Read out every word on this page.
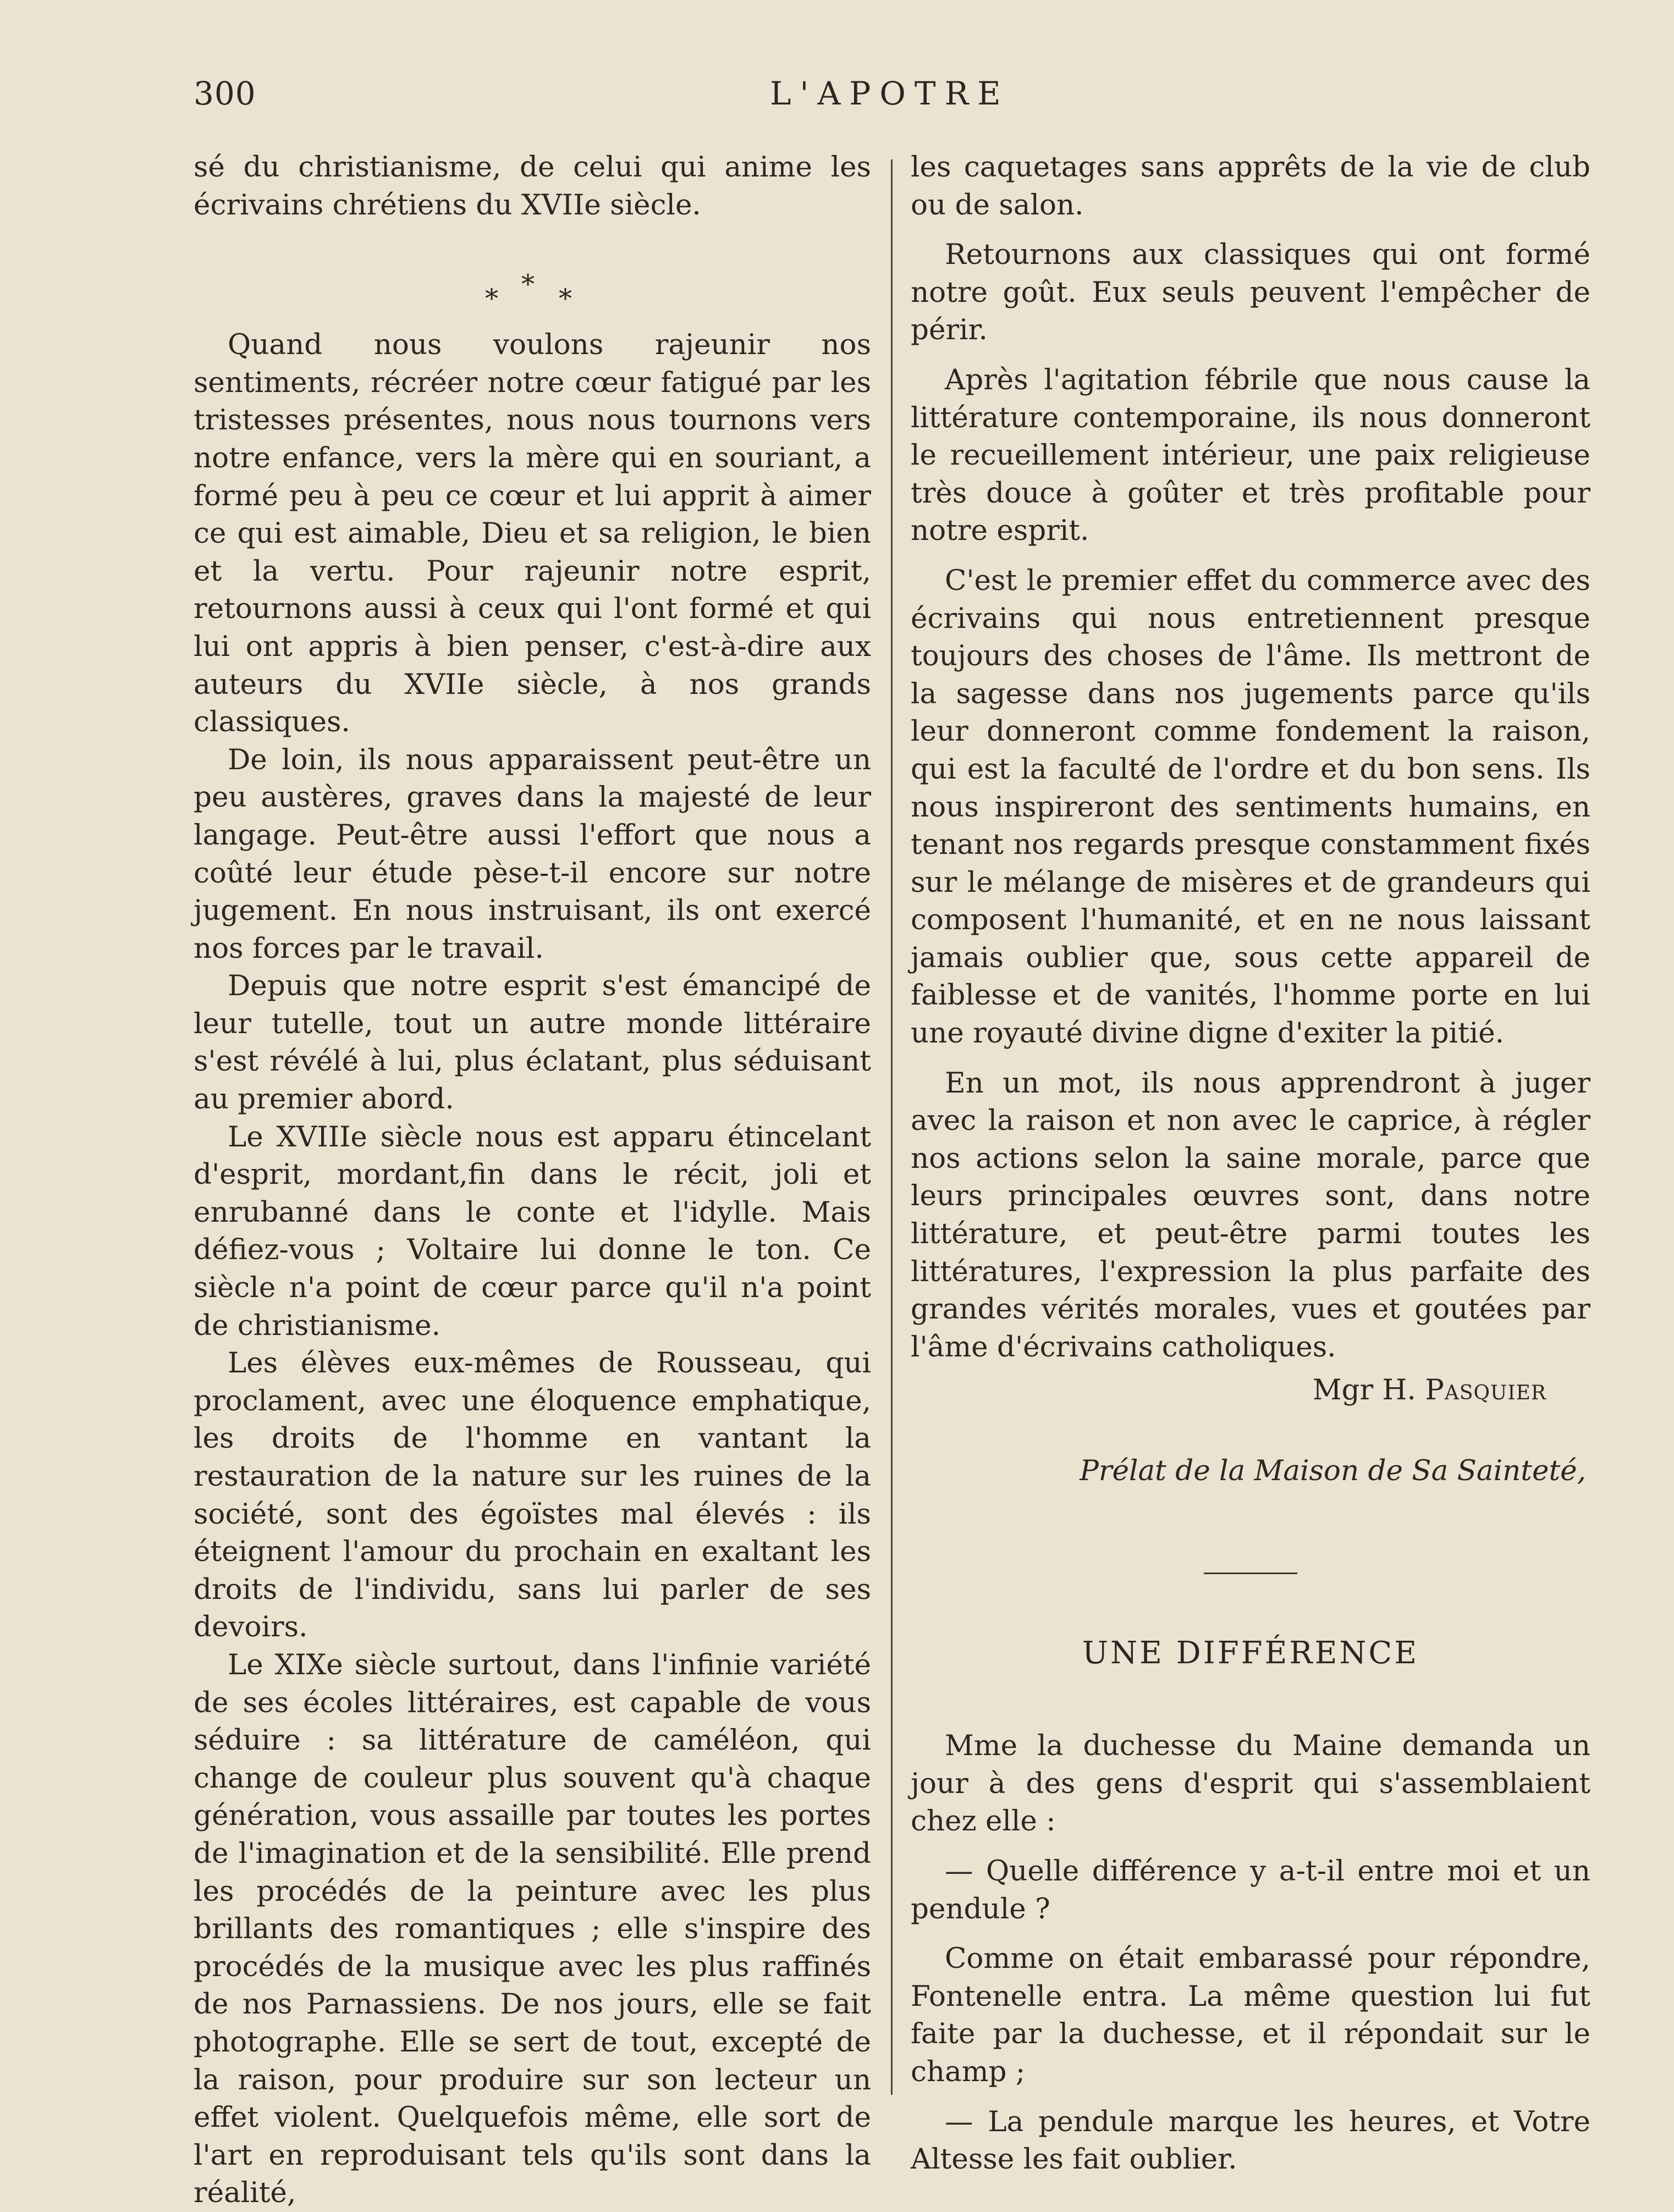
300	L'APOTRE

sé du christianisme, de celui qui anime les écrivains chrétiens du XVIIe siècle.

* * *

Quand nous voulons rajeunir nos sentiments, récréer notre cœur fatigué par les tristesses présentes, nous nous tournons vers notre enfance, vers la mère qui en souriant, a formé peu à peu ce cœur et lui apprit à aimer ce qui est aimable, Dieu et sa religion, le bien et la vertu. Pour rajeunir notre esprit, retournons aussi à ceux qui l'ont formé et qui lui ont appris à bien penser, c'est-à-dire aux auteurs du XVIIe siècle, à nos grands classiques.

De loin, ils nous apparaissent peut-être un peu austères, graves dans la majesté de leur langage. Peut-être aussi l'effort que nous a coûté leur étude pèse-t-il encore sur notre jugement. En nous instruisant, ils ont exercé nos forces par le travail.

Depuis que notre esprit s'est émancipé de leur tutelle, tout un autre monde littéraire s'est révélé à lui, plus éclatant, plus séduisant au premier abord.

Le XVIIIe siècle nous est apparu étincelant d'esprit, mordant,fin dans le récit, joli et enrubanné dans le conte et l'idylle. Mais défiez-vous ; Voltaire lui donne le ton. Ce siècle n'a point de cœur parce qu'il n'a point de christianisme.

Les élèves eux-mêmes de Rousseau, qui proclament, avec une éloquence emphatique, les droits de l'homme en vantant la restauration de la nature sur les ruines de la société, sont des égoïstes mal élevés : ils éteignent l'amour du prochain en exaltant les droits de l'individu, sans lui parler de ses devoirs.

Le XIXe siècle surtout, dans l'infinie variété de ses écoles littéraires, est capable de vous séduire : sa littérature de caméléon, qui change de couleur plus souvent qu'à chaque génération, vous assaille par toutes les portes de l'imagination et de la sensibilité. Elle prend les procédés de la peinture avec les plus brillants des romantiques ; elle s'inspire des procédés de la musique avec les plus raffinés de nos Parnassiens. De nos jours, elle se fait photographe. Elle se sert de tout, excepté de la raison, pour produire sur son lecteur un effet violent. Quelquefois même, elle sort de l'art en reproduisant tels qu'ils sont dans la réalité,

les caquetages sans apprêts de la vie de club ou de salon.

Retournons aux classiques qui ont formé notre goût. Eux seuls peuvent l'empêcher de périr.

Après l'agitation fébrile que nous cause la littérature contemporaine, ils nous donneront le recueillement intérieur, une paix religieuse très douce à goûter et très profitable pour notre esprit.

C'est le premier effet du commerce avec des écrivains qui nous entretiennent presque toujours des choses de l'âme. Ils mettront de la sagesse dans nos jugements parce qu'ils leur donneront comme fondement la raison, qui est la faculté de l'ordre et du bon sens. Ils nous inspireront des sentiments humains, en tenant nos regards presque constamment fixés sur le mélange de misères et de grandeurs qui composent l'humanité, et en ne nous laissant jamais oublier que, sous cette appareil de faiblesse et de vanités, l'homme porte en lui une royauté divine digne d'exiter la pitié.

En un mot, ils nous apprendront à juger avec la raison et non avec le caprice, à régler nos actions selon la saine morale, parce que leurs principales œuvres sont, dans notre littérature, et peut-être parmi toutes les littératures, l'expression la plus parfaite des grandes vérités morales, vues et goutées par l'âme d'écrivains catholiques.

Mgr H. Pasquier

Prélat de la Maison de Sa Sainteté,

UNE DIFFÉRENCE

Mme la duchesse du Maine demanda un jour à des gens d'esprit qui s'assemblaient chez elle :

— Quelle différence y a-t-il entre moi et un pendule ?

Comme on était embarassé pour répondre, Fontenelle entra. La même question lui fut faite par la duchesse, et il répondait sur le champ ;

— La pendule marque les heures, et Votre Altesse les fait oublier.
